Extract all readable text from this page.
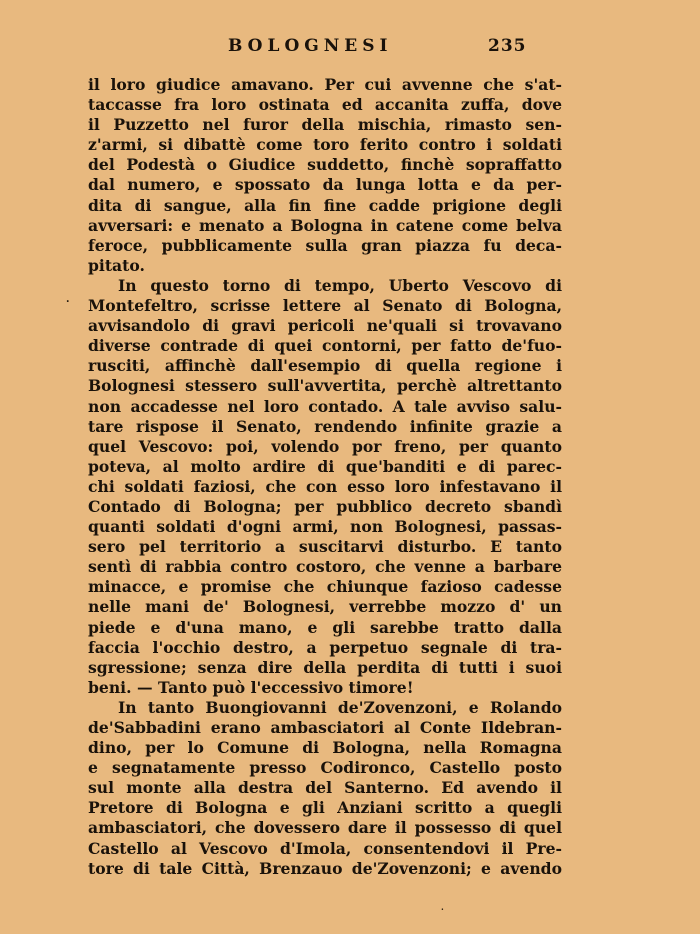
BOLOGNESI	235
il loro giudice amavano. Per cui avvenne che s'at-
taccasse fra loro ostinata ed accanita zuffa, dove
il Puzzetto nel furor della mischia, rimasto sen-
z'armi, si dibattè come toro ferito contro i soldati
del Podestà o Giudice suddetto, finchè sopraffatto
dal numero, e spossato da lunga lotta e da per-
dita di sangue, alla fin fine cadde prigione degli
avversari: e menato a Bologna in catene come belva
feroce, pubblicamente sulla gran piazza fu deca-
pitato.
In questo torno di tempo, Uberto Vescovo di
Montefeltro, scrisse lettere al Senato di Bologna,
avvisandolo di gravi pericoli ne'quali si trovavano
diverse contrade di quei contorni, per fatto de'fuo-
rusciti, affinchè dall'esempio di quella regione i
Bolognesi stessero sull'avvertita, perchè altrettanto
non accadesse nel loro contado. A tale avviso salu-
tare rispose il Senato, rendendo infinite grazie a
quel Vescovo: poi, volendo por freno, per quanto
poteva, al molto ardire di que'banditi e di parec-
chi soldati faziosi, che con esso loro infestavano il
Contado di Bologna; per pubblico decreto sbandì
quanti soldati d'ogni armi, non Bolognesi, passas-
sero pel territorio a suscitarvi disturbo. E tanto
sentì di rabbia contro costoro, che venne a barbare
minacce, e promise che chiunque fazioso cadesse
nelle mani de' Bolognesi, verrebbe mozzo d' un
piede e d'una mano, e gli sarebbe tratto dalla
faccia l'occhio destro, a perpetuo segnale di tra-
sgressione; senza dire della perdita di tutti i suoi
beni. — Tanto può l'eccessivo timore!
In tanto Buongiovanni de'Zovenzoni, e Rolando
de'Sabbadini erano ambasciatori al Conte Ildebran-
dino, per lo Comune di Bologna, nella Romagna
e segnatamente presso Codironco, Castello posto
sul monte alla destra del Santerno. Ed avendo il
Pretore di Bologna e gli Anziani scritto a quegli
ambasciatori, che dovessero dare il possesso di quel
Castello al Vescovo d'Imola, consentendovi il Pre-
tore di tale Città, Brenzauo de'Zovenzoni; e avendo
.
.
